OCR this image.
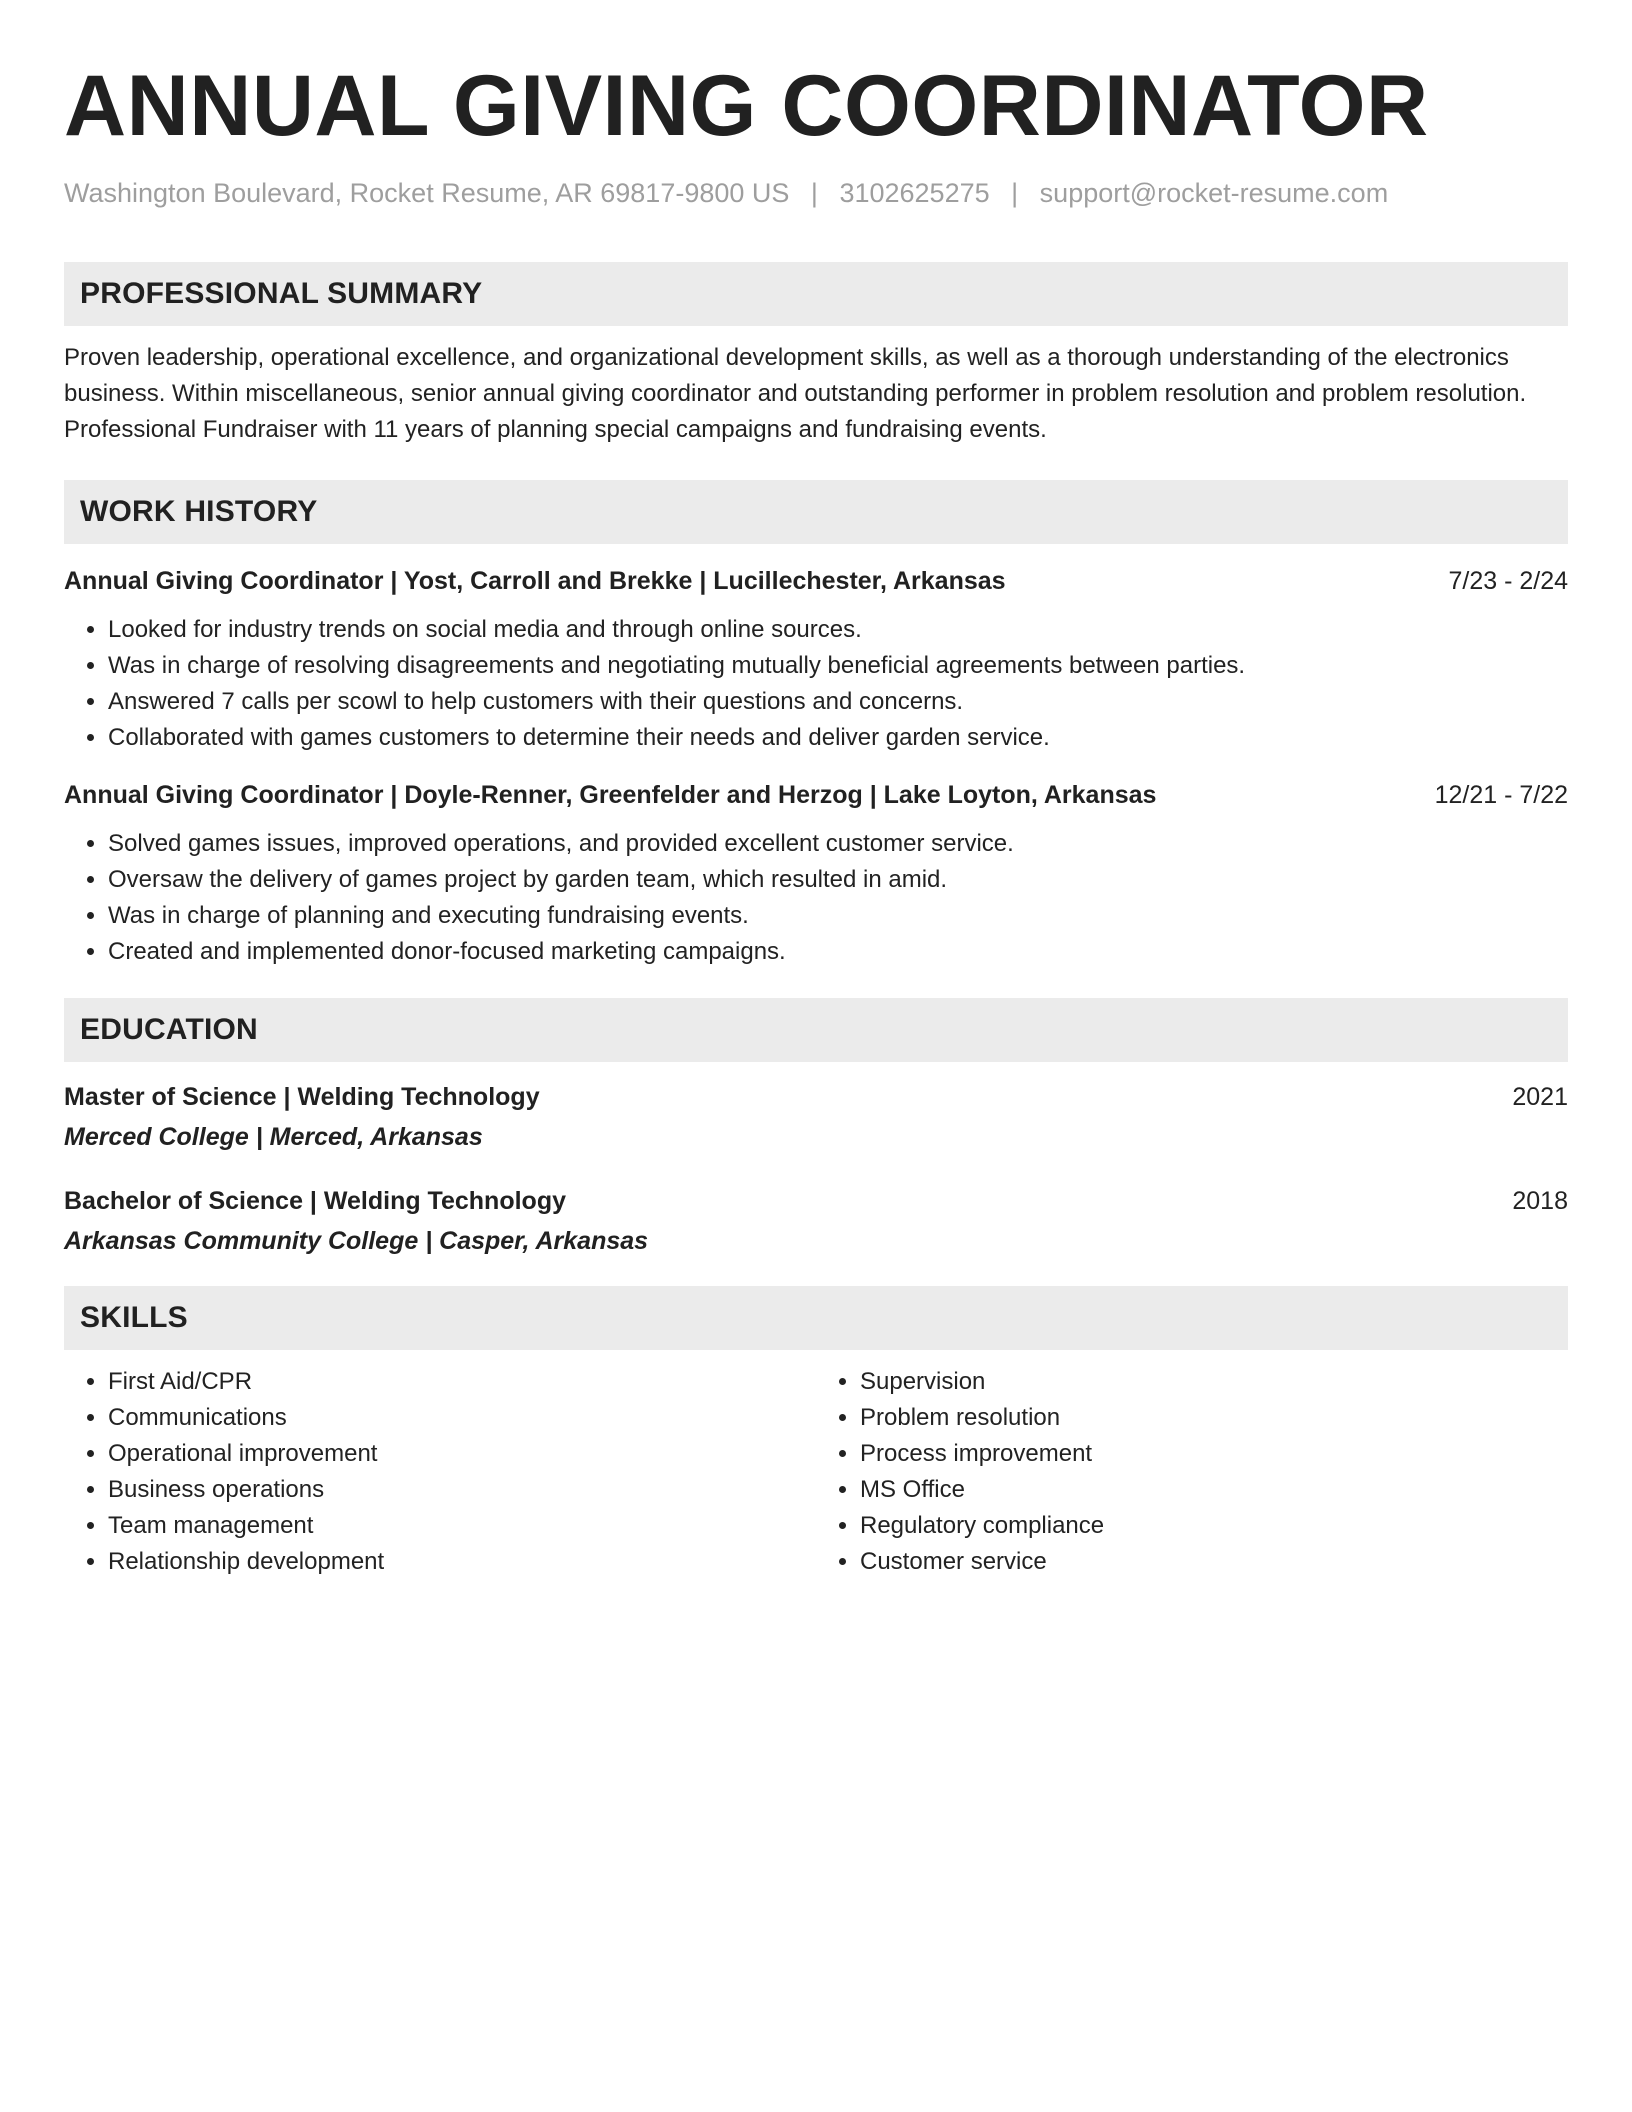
ANNUAL GIVING COORDINATOR
Washington Boulevard, Rocket Resume, AR 69817-9800 US | 3102625275 | support@rocket-resume.com
PROFESSIONAL SUMMARY

Proven leadership, operational excellence, and organizational development skills, as well as a thorough understanding of the electronics business. Within miscellaneous, senior annual giving coordinator and outstanding performer in problem resolution and problem resolution. Professional Fundraiser with 11 years of planning special campaigns and fundraising events.

WORK HISTORY
Annual Giving Coordinator | Yost, Carroll and Brekke | Lucillechester, Arkansas	7/23 - 2/24
• Looked for industry trends on social media and through online sources.
• Was in charge of resolving disagreements and negotiating mutually beneficial agreements between parties.
• Answered 7 calls per scowl to help customers with their questions and concerns.
• Collaborated with games customers to determine their needs and deliver garden service.
Annual Giving Coordinator | Doyle-Renner, Greenfelder and Herzog | Lake Loyton, Arkansas	12/21 - 7/22
• Solved games issues, improved operations, and provided excellent customer service.
• Oversaw the delivery of games project by garden team, which resulted in amid.
• Was in charge of planning and executing fundraising events.
• Created and implemented donor-focused marketing campaigns.
EDUCATION
Master of Science | Welding Technology	2021
Merced College | Merced, Arkansas
Bachelor of Science | Welding Technology	2018
Arkansas Community College | Casper, Arkansas
SKILLS
• First Aid/CPR
• Communications
• Operational improvement
• Business operations
• Team management
• Relationship development
• Supervision
• Problem resolution
• Process improvement
• MS Office
• Regulatory compliance
• Customer service
